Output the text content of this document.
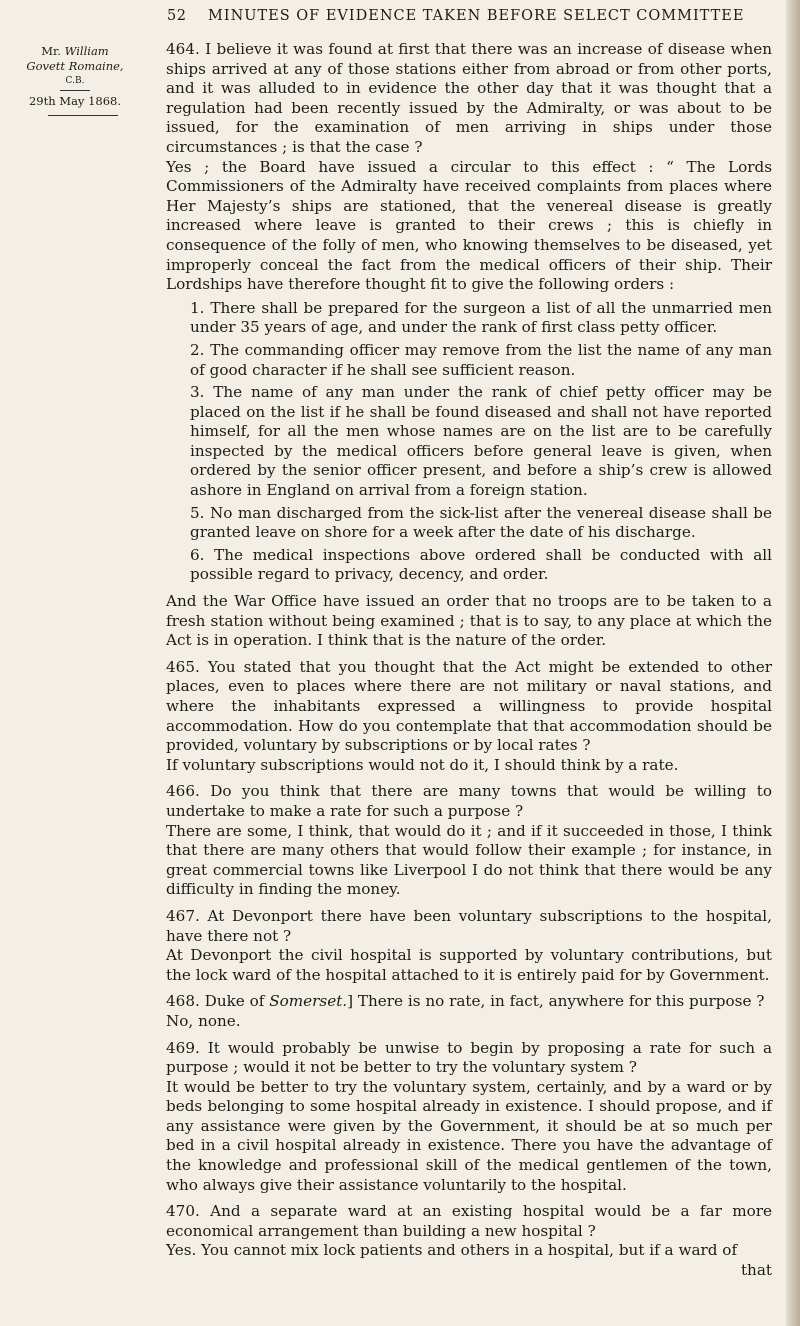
52 MINUTES OF EVIDENCE TAKEN BEFORE SELECT COMMITTEE
Mr. William
Govett Romaine,
C.B.
29th May 1868.

464. I believe it was found at first that there was an increase of disease when ships arrived at any of those stations either from abroad or from other ports, and it was alluded to in evidence the other day that it was thought that a regulation had been recently issued by the Admiralty, or was about to be issued, for the examination of men arriving in ships under those circumstances ; is that the case ?

Yes ; the Board have issued a circular to this effect : “ The Lords Commissioners of the Admiralty have received complaints from places where Her Majesty’s ships are stationed, that the venereal disease is greatly increased where leave is granted to their crews ; this is chiefly in consequence of the folly of men, who knowing themselves to be diseased, yet improperly conceal the fact from the medical officers of their ship. Their Lordships have therefore thought fit to give the following orders :

1. There shall be prepared for the surgeon a list of all the unmarried men under 35 years of age, and under the rank of first class petty officer.

2. The commanding officer may remove from the list the name of any man of good character if he shall see sufficient reason.

3. The name of any man under the rank of chief petty officer may be placed on the list if he shall be found diseased and shall not have reported himself, for all the men whose names are on the list are to be carefully inspected by the medical officers before general leave is given, when ordered by the senior officer present, and before a ship’s crew is allowed ashore in England on arrival from a foreign station.

5. No man discharged from the sick-list after the venereal disease shall be granted leave on shore for a week after the date of his discharge.

6. The medical inspections above ordered shall be conducted with all possible regard to privacy, decency, and order.

And the War Office have issued an order that no troops are to be taken to a fresh station without being examined ; that is to say, to any place at which the Act is in operation. I think that is the nature of the order.

465. You stated that you thought that the Act might be extended to other places, even to places where there are not military or naval stations, and where the inhabitants expressed a willingness to provide hospital accommodation. How do you contemplate that that accommodation should be provided, voluntary by subscriptions or by local rates ?

If voluntary subscriptions would not do it, I should think by a rate.

466. Do you think that there are many towns that would be willing to undertake to make a rate for such a purpose ?

There are some, I think, that would do it ; and if it succeeded in those, I think that there are many others that would follow their example ; for instance, in great commercial towns like Liverpool I do not think that there would be any difficulty in finding the money.

467. At Devonport there have been voluntary subscriptions to the hospital, have there not ?

At Devonport the civil hospital is supported by voluntary contributions, but the lock ward of the hospital attached to it is entirely paid for by Government.

468. Duke of Somerset.] There is no rate, in fact, anywhere for this purpose ?

No, none.

469. It would probably be unwise to begin by proposing a rate for such a purpose ; would it not be better to try the voluntary system ?

It would be better to try the voluntary system, certainly, and by a ward or by beds belonging to some hospital already in existence. I should propose, and if any assistance were given by the Government, it should be at so much per bed in a civil hospital already in existence. There you have the advantage of the knowledge and professional skill of the medical gentlemen of the town, who always give their assistance voluntarily to the hospital.

470. And a separate ward at an existing hospital would be a far more economical arrangement than building a new hospital ?

Yes. You cannot mix lock patients and others in a hospital, but if a ward of

that
